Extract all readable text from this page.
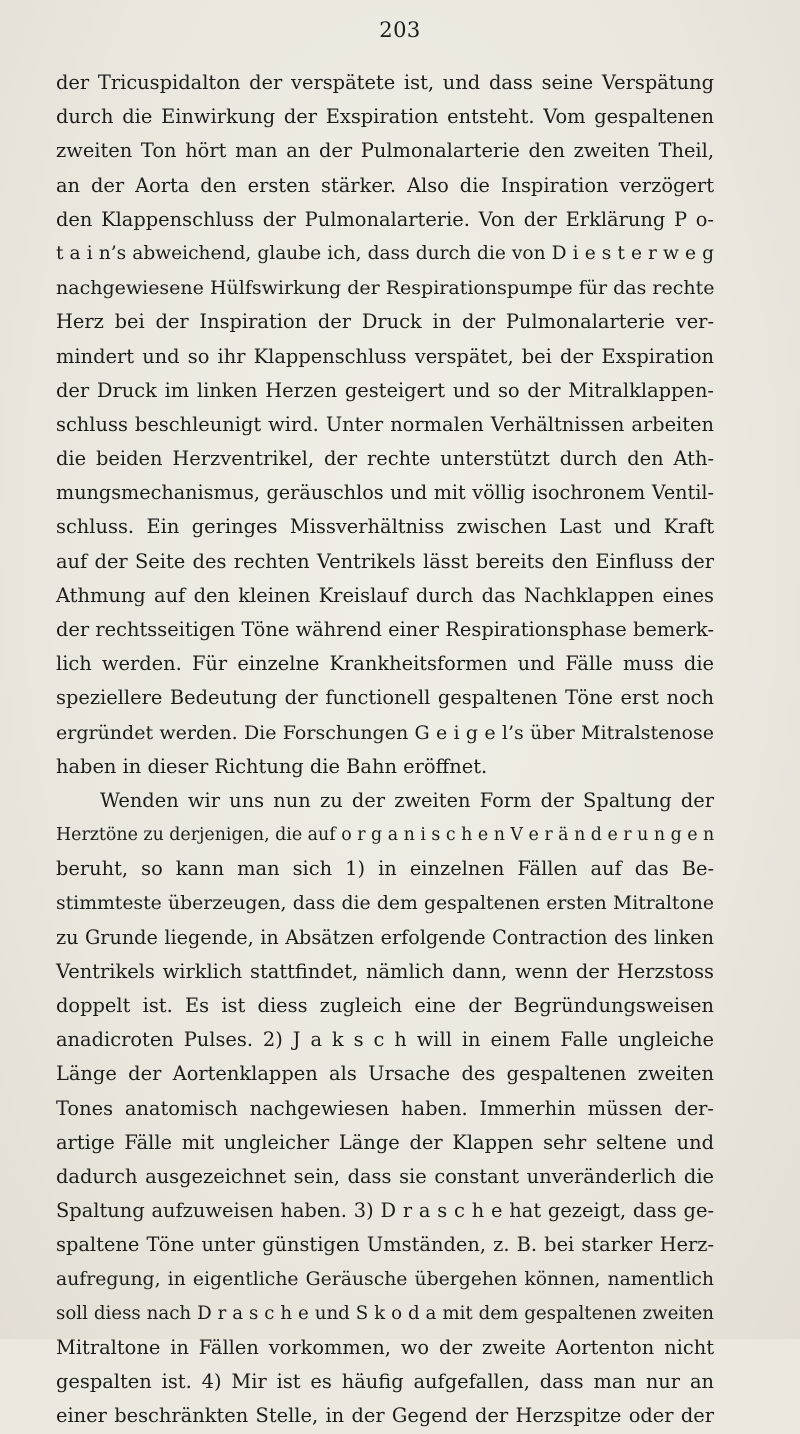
203
der Tricuspidalton der verspätete ist, und dass seine Verspätung
durch die Einwirkung der Exspiration entsteht. Vom gespaltenen
zweiten Ton hört man an der Pulmonalarterie den zweiten Theil,
an der Aorta den ersten stärker. Also die Inspiration verzögert
den Klappenschluss der Pulmonalarterie. Von der Erklärung P o-
t a i n’s abweichend, glaube ich, dass durch die von D i e s t e r w e g
nachgewiesene Hülfswirkung der Respirationspumpe für das rechte
Herz bei der Inspiration der Druck in der Pulmonalarterie ver-
mindert und so ihr Klappenschluss verspätet, bei der Exspiration
der Druck im linken Herzen gesteigert und so der Mitralklappen-
schluss beschleunigt wird. Unter normalen Verhältnissen arbeiten
die beiden Herzventrikel, der rechte unterstützt durch den Ath-
mungsmechanismus, geräuschlos und mit völlig isochronem Ventil-
schluss. Ein geringes Missverhältniss zwischen Last und Kraft
auf der Seite des rechten Ventrikels lässt bereits den Einfluss der
Athmung auf den kleinen Kreislauf durch das Nachklappen eines
der rechtsseitigen Töne während einer Respirationsphase bemerk-
lich werden. Für einzelne Krankheitsformen und Fälle muss die
speziellere Bedeutung der functionell gespaltenen Töne erst noch
ergründet werden. Die Forschungen G e i g e l’s über Mitralstenose
haben in dieser Richtung die Bahn eröffnet.
Wenden wir uns nun zu der zweiten Form der Spaltung der
Herztöne zu derjenigen, die auf o r g a n i s c h e n V e r ä n d e r u n g e n
beruht, so kann man sich 1) in einzelnen Fällen auf das Be-
stimmteste überzeugen, dass die dem gespaltenen ersten Mitraltone
zu Grunde liegende, in Absätzen erfolgende Contraction des linken
Ventrikels wirklich stattfindet, nämlich dann, wenn der Herzstoss
doppelt ist. Es ist diess zugleich eine der Begründungsweisen
anadicroten Pulses. 2) J a k s c h will in einem Falle ungleiche
Länge der Aortenklappen als Ursache des gespaltenen zweiten
Tones anatomisch nachgewiesen haben. Immerhin müssen der-
artige Fälle mit ungleicher Länge der Klappen sehr seltene und
dadurch ausgezeichnet sein, dass sie constant unveränderlich die
Spaltung aufzuweisen haben. 3) D r a s c h e hat gezeigt, dass ge-
spaltene Töne unter günstigen Umständen, z. B. bei starker Herz-
aufregung, in eigentliche Geräusche übergehen können, namentlich
soll diess nach D r a s c h e und S k o d a mit dem gespaltenen zweiten
Mitraltone in Fällen vorkommen, wo der zweite Aortenton nicht
gespalten ist. 4) Mir ist es häufig aufgefallen, dass man nur an
einer beschränkten Stelle, in der Gegend der Herzspitze oder der
